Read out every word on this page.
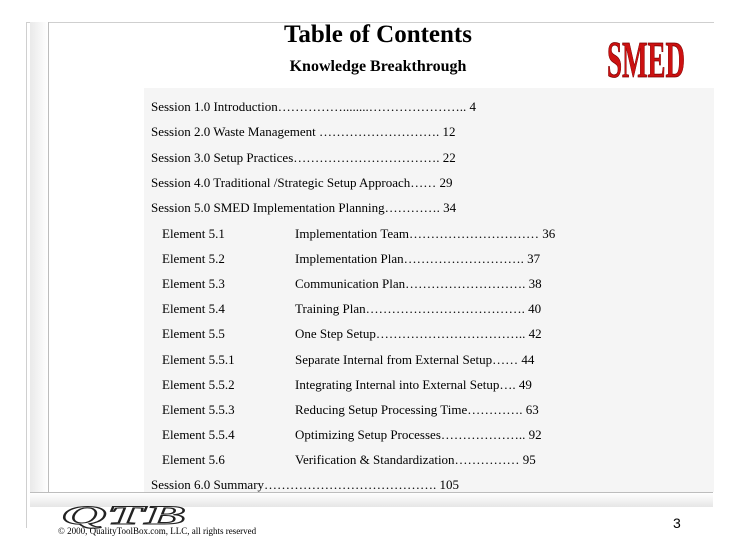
Table of Contents
Knowledge Breakthrough	SMED
Session 1.0 Introduction……………........………………….. 4
Session 2.0 Waste Management ………………………. 12
Session 3.0 Setup Practices……………………………. 22
Session 4.0 Traditional /Strategic Setup Approach…… 29
Session 5.0 SMED Implementation Planning…………. 34
Element 5.1	Implementation Team………………………… 36
Element 5.2	Implementation Plan………………………. 37
Element 5.3	Communication Plan………………………. 38
Element 5.4	Training Plan………………………………. 40
Element 5.5	One Step Setup…………………………….. 42
Element 5.5.1	Separate Internal from External Setup…… 44
Element 5.5.2	Integrating Internal into External Setup…. 49
Element 5.5.3	Reducing Setup Processing Time…………. 63
Element 5.5.4	Optimizing Setup Processes……………….. 92
Element 5.6	Verification & Standardization…………… 95
Session 6.0 Summary…………………………………. 105
QTB
© 2000, QualityToolBox.com, LLC, all rights reserved	3
